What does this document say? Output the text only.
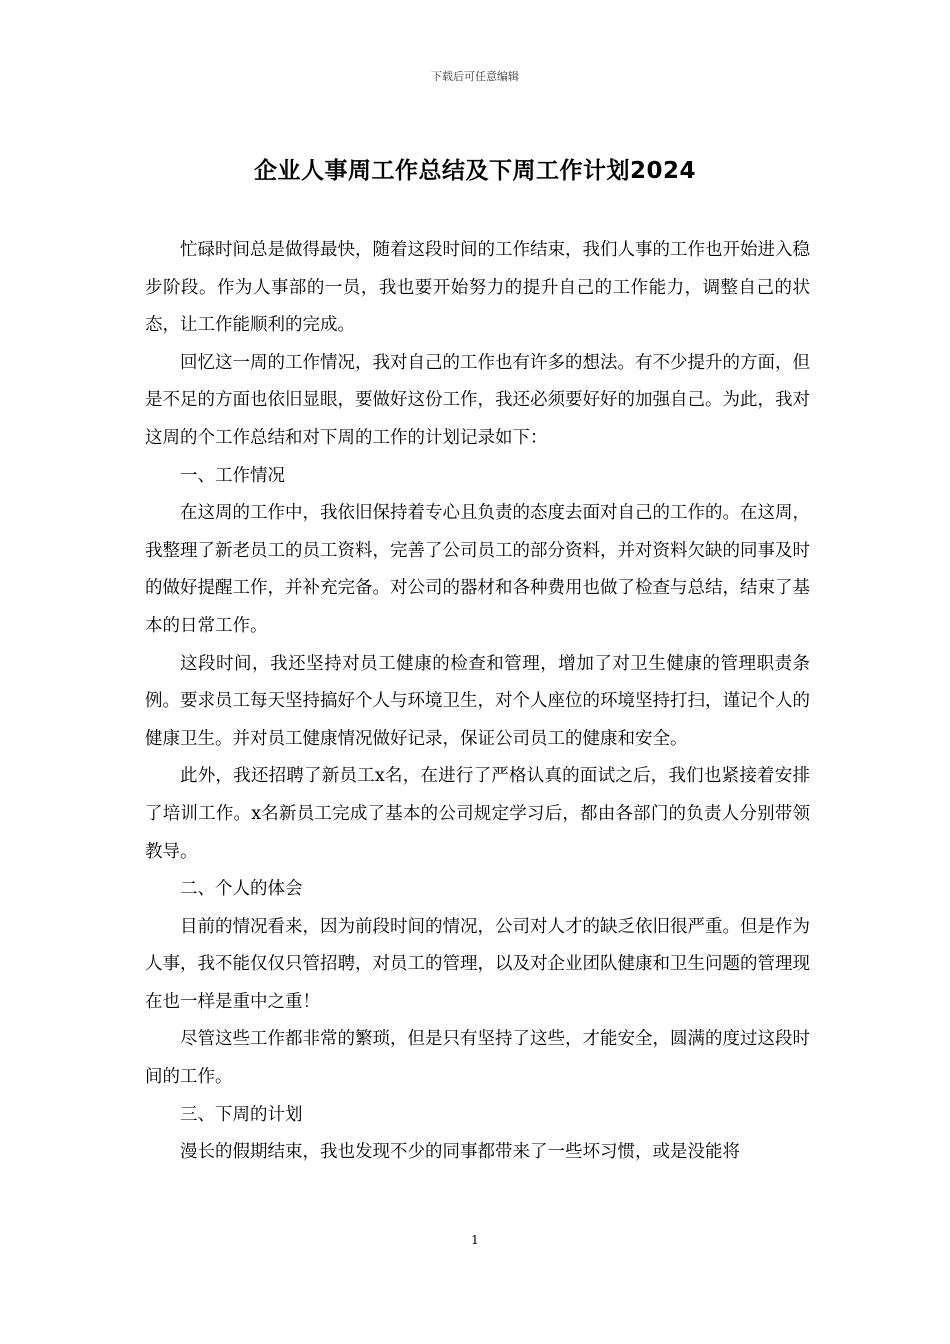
下载后可任意编辑
企业人事周工作总结及下周工作计划2024

忙碌时间总是做得最快，随着这段时间的工作结束，我们人事的工作也开始进入稳步阶段。作为人事部的一员，我也要开始努力的提升自己的工作能力，调整自己的状态，让工作能顺利的完成。

回忆这一周的工作情况，我对自己的工作也有许多的想法。有不少提升的方面，但是不足的方面也依旧显眼，要做好这份工作，我还必须要好好的加强自己。为此，我对这周的个工作总结和对下周的工作的计划记录如下：

一、工作情况

在这周的工作中，我依旧保持着专心且负责的态度去面对自己的工作的。在这周，我整理了新老员工的员工资料，完善了公司员工的部分资料，并对资料欠缺的同事及时的做好提醒工作，并补充完备。对公司的器材和各种费用也做了检查与总结，结束了基本的日常工作。

这段时间，我还坚持对员工健康的检查和管理，增加了对卫生健康的管理职责条例。要求员工每天坚持搞好个人与环境卫生，对个人座位的环境坚持打扫，谨记个人的健康卫生。并对员工健康情况做好记录，保证公司员工的健康和安全。

此外，我还招聘了新员工x名，在进行了严格认真的面试之后，我们也紧接着安排了培训工作。x名新员工完成了基本的公司规定学习后，都由各部门的负责人分别带领教导。

二、个人的体会

目前的情况看来，因为前段时间的情况，公司对人才的缺乏依旧很严重。但是作为人事，我不能仅仅只管招聘，对员工的管理，以及对企业团队健康和卫生问题的管理现在也一样是重中之重！

尽管这些工作都非常的繁琐，但是只有坚持了这些，才能安全，圆满的度过这段时间的工作。

三、下周的计划

漫长的假期结束，我也发现不少的同事都带来了一些坏习惯，或是没能将

1
